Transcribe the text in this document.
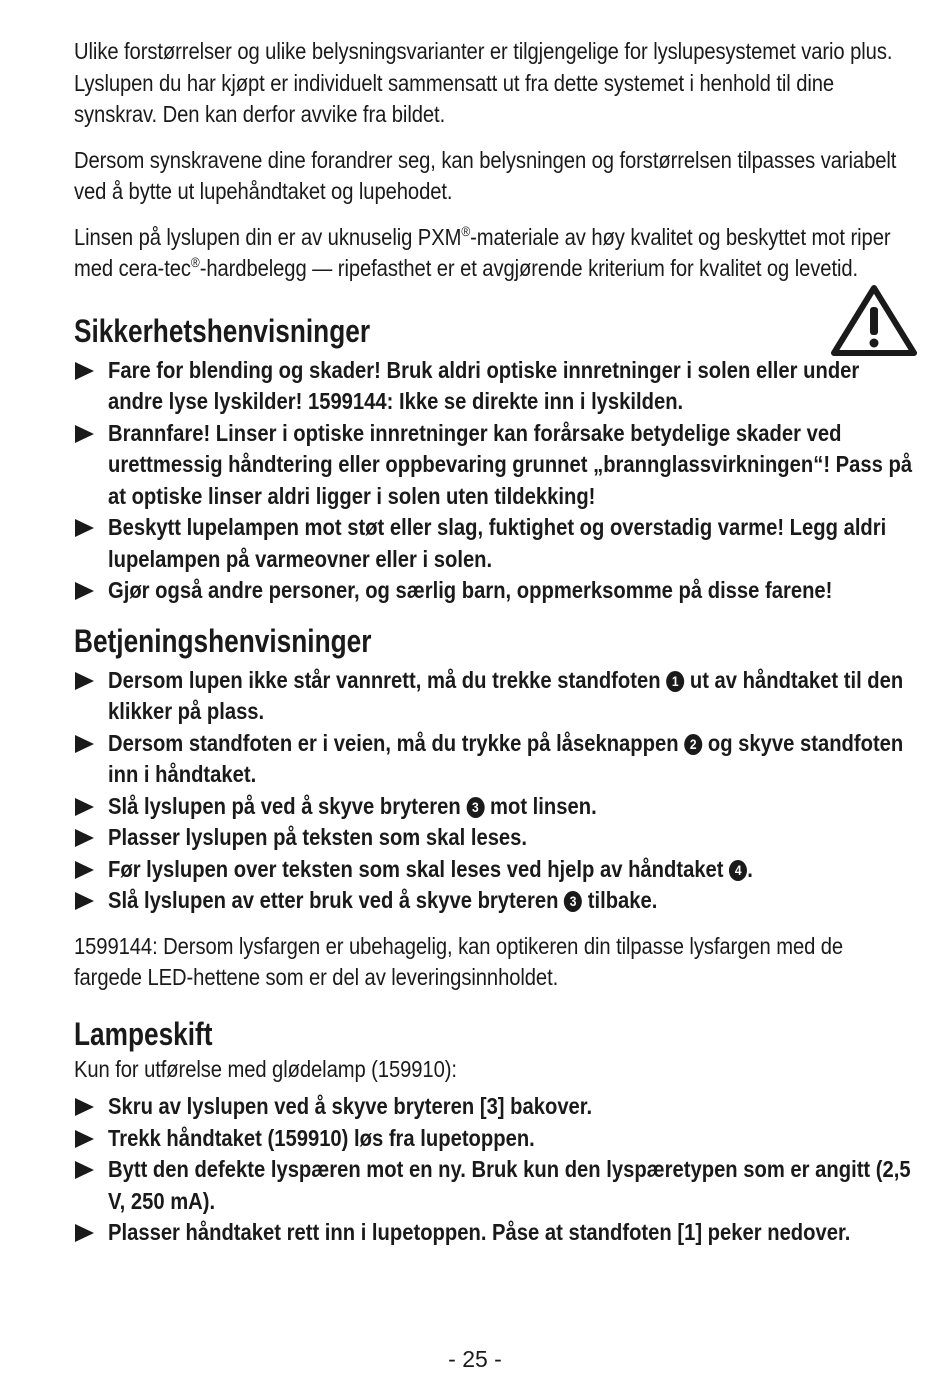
Ulike forstørrelser og ulike belysningsvarianter er tilgjengelige for lyslupesystemet vario plus. Lyslupen du har kjøpt er individuelt sammensatt ut fra dette systemet i henhold til dine synskrav. Den kan derfor avvike fra bildet.

Dersom synskravene dine forandrer seg, kan belysningen og forstørrelsen tilpasses variabelt ved å bytte ut lupehåndtaket og lupehodet.

Linsen på lyslupen din er av uknuselig PXM®-materiale av høy kvalitet og beskyttet mot riper med cera-tec®-hardbelegg — ripefasthet er et avgjørende kriterium for kvalitet og levetid.

Sikkerhetshenvisninger
Fare for blending og skader! Bruk aldri optiske innretninger i solen eller under andre lyse lyskilder! 1599144: Ikke se direkte inn i lyskilden.
Brannfare! Linser i optiske innretninger kan forårsake betydelige skader ved urettmessig håndtering eller oppbevaring grunnet „brannglassvirkningen“! Pass på at optiske linser aldri ligger i solen uten tildekking!
Beskytt lupelampen mot støt eller slag, fuktighet og overstadig varme! Legg aldri lupelampen på varmeovner eller i solen.
Gjør også andre personer, og særlig barn, oppmerksomme på disse farene!
Betjeningshenvisninger
Dersom lupen ikke står vannrett, må du trekke standfoten 1 ut av håndtaket til den klikker på plass.
Dersom standfoten er i veien, må du trykke på låseknappen 2 og skyve standfoten inn i håndtaket.
Slå lyslupen på ved å skyve bryteren 3 mot linsen.
Plasser lyslupen på teksten som skal leses.
Før lyslupen over teksten som skal leses ved hjelp av håndtaket 4 .
Slå lyslupen av etter bruk ved å skyve bryteren 3 tilbake.

1599144: Dersom lysfargen er ubehagelig, kan optikeren din tilpasse lysfargen med de fargede LED-hettene som er del av leveringsinnholdet.

Lampeskift

Kun for utførelse med glødelamp (159910):

Skru av lyslupen ved å skyve bryteren [3] bakover.
Trekk håndtaket (159910) løs fra lupetoppen.
Bytt den defekte lyspæren mot en ny. Bruk kun den lyspæretypen som er angitt (2,5 V, 250 mA).
Plasser håndtaket rett inn i lupetoppen. Påse at standfoten [1] peker nedover.
- 25 -
